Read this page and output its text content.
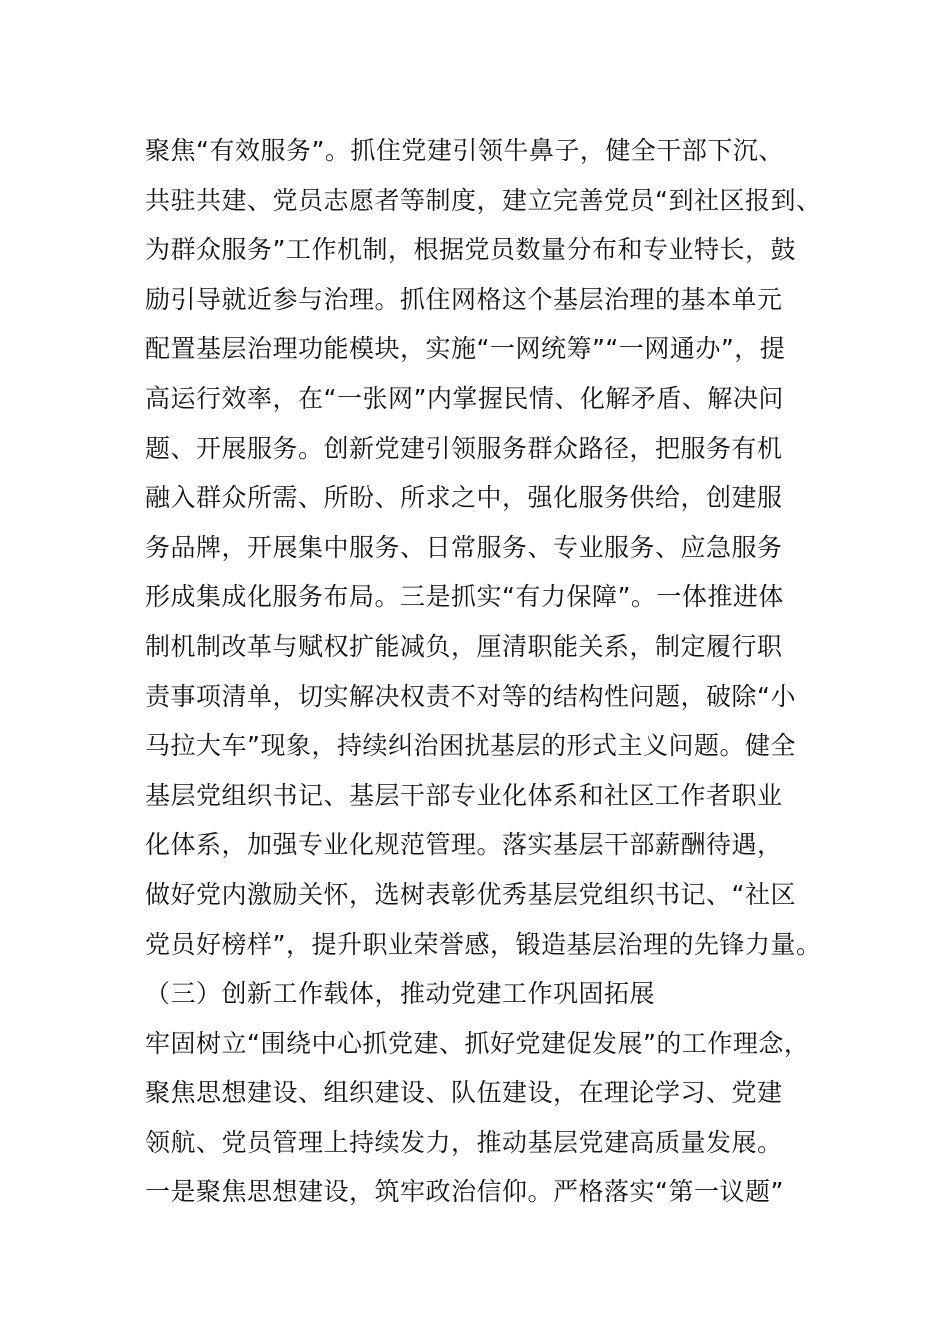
聚焦“有效服务”。抓住党建引领牛鼻子，健全干部下沉、
共驻共建、党员志愿者等制度，建立完善党员“到社区报到、
为群众服务”工作机制，根据党员数量分布和专业特长，鼓
励引导就近参与治理。抓住网格这个基层治理的基本单元
配置基层治理功能模块，实施“一网统筹”“一网通办”，提
高运行效率，在“一张网”内掌握民情、化解矛盾、解决问
题、开展服务。创新党建引领服务群众路径，把服务有机
融入群众所需、所盼、所求之中，强化服务供给，创建服
务品牌，开展集中服务、日常服务、专业服务、应急服务
形成集成化服务布局。三是抓实“有力保障”。一体推进体
制机制改革与赋权扩能减负，厘清职能关系，制定履行职
责事项清单，切实解决权责不对等的结构性问题，破除“小
马拉大车”现象，持续纠治困扰基层的形式主义问题。健全
基层党组织书记、基层干部专业化体系和社区工作者职业
化体系，加强专业化规范管理。落实基层干部薪酬待遇，
做好党内激励关怀，选树表彰优秀基层党组织书记、“社区
党员好榜样”，提升职业荣誉感，锻造基层治理的先锋力量。
（三）创新工作载体，推动党建工作巩固拓展
牢固树立“围绕中心抓党建、抓好党建促发展”的工作理念，
聚焦思想建设、组织建设、队伍建设，在理论学习、党建
领航、党员管理上持续发力，推动基层党建高质量发展。
一是聚焦思想建设，筑牢政治信仰。严格落实“第一议题”
